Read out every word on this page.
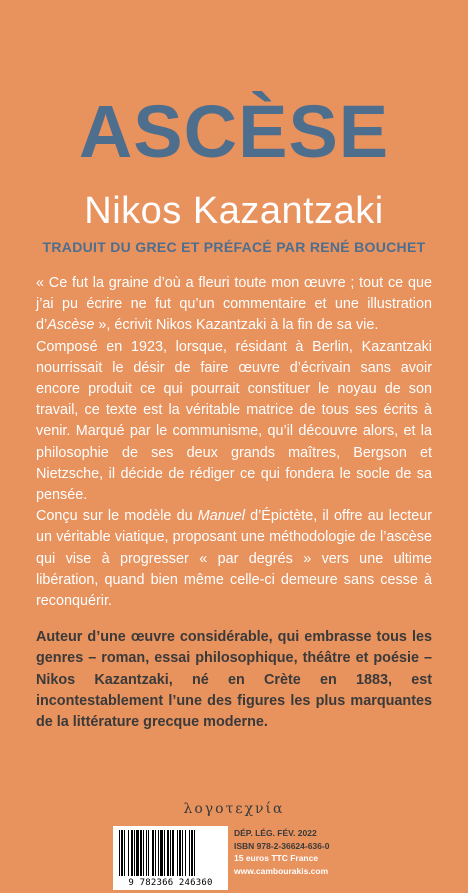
ASCÈSE
Nikos Kazantzaki
TRADUIT DU GREC ET PRÉFACÉ PAR RENÉ BOUCHET

« Ce fut la graine d’où a fleuri toute mon œuvre ; tout ce que j’ai pu écrire ne fut qu’un commentaire et une illustration d’Ascèse », écrivit Nikos Kazantzaki à la fin de sa vie.

Composé en 1923, lorsque, résidant à Berlin, Kazantzaki nourrissait le désir de faire œuvre d’écrivain sans avoir encore produit ce qui pourrait constituer le noyau de son travail, ce texte est la véritable matrice de tous ses écrits à venir. Marqué par le communisme, qu’il découvre alors, et la philosophie de ses deux grands maîtres, Bergson et Nietzsche, il décide de rédiger ce qui fondera le socle de sa pensée.

Conçu sur le modèle du Manuel d’Épictète, il offre au lecteur un véritable viatique, proposant une méthodologie de l’ascèse qui vise à progresser « par degrés » vers une ultime libération, quand bien même celle-ci demeure sans cesse à reconquérir.

Auteur d’une œuvre considérable, qui embrasse tous les genres – roman, essai philosophique, théâtre et poésie – Nikos Kazantzaki, né en Crète en 1883, est incontestablement l’une des figures les plus marquantes de la littérature grecque moderne.

λογοτεχνία
9 782366 246360
DÉP. LÉG. FÉV. 2022
ISBN 978-2-36624-636-0
15 euros TTC France
www.cambourakis.com
